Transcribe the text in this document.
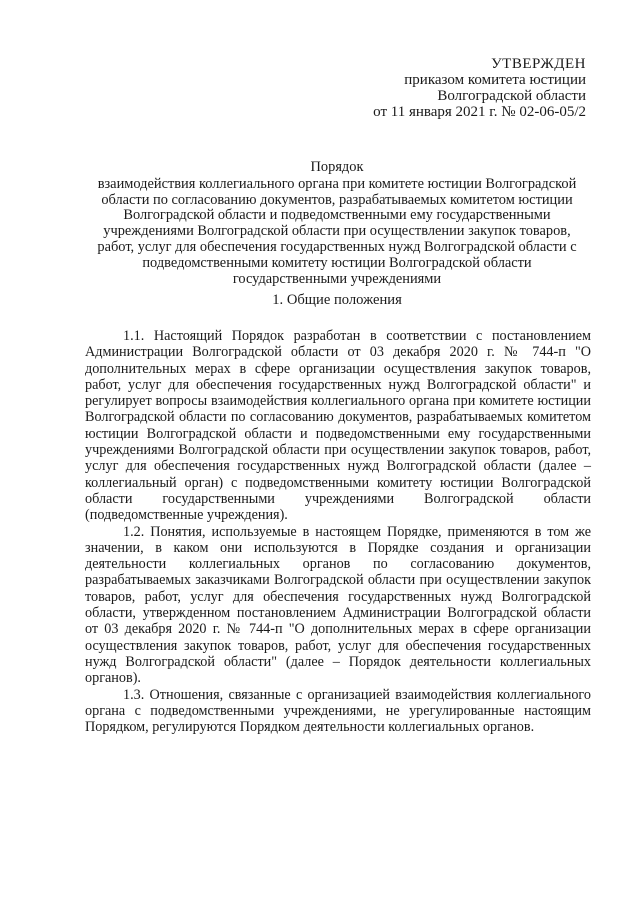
УТВЕРЖДЕН
приказом комитета юстиции
Волгоградской области
от 11 января 2021 г. № 02-06-05/2
Порядок
взаимодействия коллегиального органа при комитете юстиции Волгоградской области по согласованию документов, разрабатываемых комитетом юстиции Волгоградской области и подведомственными ему государственными учреждениями Волгоградской области при осуществлении закупок товаров, работ, услуг для обеспечения государственных нужд Волгоградской области с подведомственными комитету юстиции Волгоградской области государственными учреждениями
1. Общие положения

1.1. Настоящий Порядок разработан в соответствии с постановлением Администрации Волгоградской области от 03 декабря 2020 г. № 744-п "О дополнительных мерах в сфере организации осуществления закупок товаров, работ, услуг для обеспечения государственных нужд Волгоградской области" и регулирует вопросы взаимодействия коллегиального органа при комитете юстиции Волгоградской области по согласованию документов, разрабатываемых комитетом юстиции Волгоградской области и подведомственными ему государственными учреждениями Волгоградской области при осуществлении закупок товаров, работ, услуг для обеспечения государственных нужд Волгоградской области (далее – коллегиальный орган) с подведомственными комитету юстиции Волгоградской области государственными учреждениями Волгоградской области (подведомственные учреждения).

1.2. Понятия, используемые в настоящем Порядке, применяются в том же значении, в каком они используются в Порядке создания и организации деятельности коллегиальных органов по согласованию документов, разрабатываемых заказчиками Волгоградской области при осуществлении закупок товаров, работ, услуг для обеспечения государственных нужд Волгоградской области, утвержденном постановлением Администрации Волгоградской области от 03 декабря 2020 г. № 744-п "О дополнительных мерах в сфере организации осуществления закупок товаров, работ, услуг для обеспечения государственных нужд Волгоградской области" (далее – Порядок деятельности коллегиальных органов).

1.3. Отношения, связанные с организацией взаимодействия коллегиального органа с подведомственными учреждениями, не урегулированные настоящим Порядком, регулируются Порядком деятельности коллегиальных органов.
